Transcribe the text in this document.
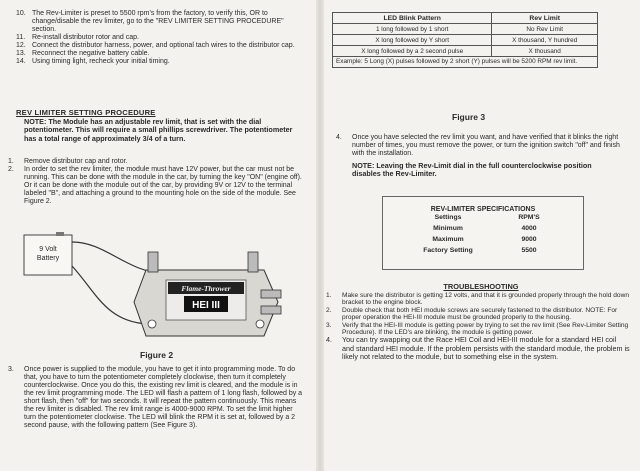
10. The Rev-Limiter is preset to 5500 rpm's from the factory, to verify this, OR to change/disable the rev limiter, go to the "REV LIMITER SETTING PROCEDURE" section.
11. Re-install distributor rotor and cap.
12. Connect the distributor harness, power, and optional tach wires to the distributor cap.
13. Reconnect the negative battery cable.
14. Using timing light, recheck your initial timing.
REV LIMITER SETTING PROCEDURE
NOTE: The Module has an adjustable rev limit, that is set with the dial potentiometer. This will require a small phillips screwdriver. The potentiometer has a total range of approximately 3/4 of a turn.
1.	Remove distributor cap and rotor.
2.	In order to set the rev limiter, the module must have 12V power, but the car must not be running. This can be done with the module in the car, by turning the key "ON" (engine off). Or it can be done with the module out of the car, by providing 9V or 12V to the terminal labeled "B", and attaching a ground to the mounting hole on the side of the module. See Figure 2.
Flame-Thrower
HEI III
9 Volt
Battery
Figure 2
3.	Once power is supplied to the module, you have to get it into programming mode. To do that, you have to turn the potentiometer completely clockwise, then turn it completely counterclockwise. Once you do this, the existing rev limit is cleared, and the module is in the rev limit programming mode. The LED will flash a pattern of 1 long flash, followed by a short flash, then "off" for two seconds. It will repeat the pattern continuously. This means the rev limiter is disabled. The rev limit range is 4000-9000 RPM. To set the limit higher turn the potentiometer clockwise. The LED will blink the RPM it is set at, followed by a 2 second pause, with the following pattern (See Figure 3).
LED Blink Pattern	Rev Limit
1 long followed by 1 short	No Rev Limit
X long followed by Y short	X thousand, Y hundred
X long followed by a 2 second pulse	X thousand
Example: 5 Long (X) pulses followed by 2 short (Y) pulses will be 5200 RPM rev limit.	
Figure 3
4.	Once you have selected the rev limit you want, and have verified that it blinks the right number of times, you must remove the power, or turn the ignition switch "off" and finish with the installation.
NOTE: Leaving the Rev-Limit dial in the full counterclockwise position disables the Rev-Limiter.
REV-LIMITER SPECIFICATIONS
Settings	RPM'S
Minimum	4000
Maximum	9000
Factory Setting	5500
TROUBLESHOOTING
1.	Make sure the distributor is getting 12 volts, and that it is grounded properly through the hold down bracket to the engine block.
2.	Double check that both HEI module screws are securely fastened to the distributor. NOTE: For proper operation the HEI-III module must be grounded properly to the housing.
3.	Verify that the HEI-III module is getting power by trying to set the rev limit (See Rev-Limiter Setting Procedure). If the LED's are blinking, the module is getting power.
4.	You can try swapping out the Race HEI Coil and HEI-III module for a standard HEI coil and standard HEI module. If the problem persists with the standard module, the problem is likely not related to the module, but to something else in the system.
